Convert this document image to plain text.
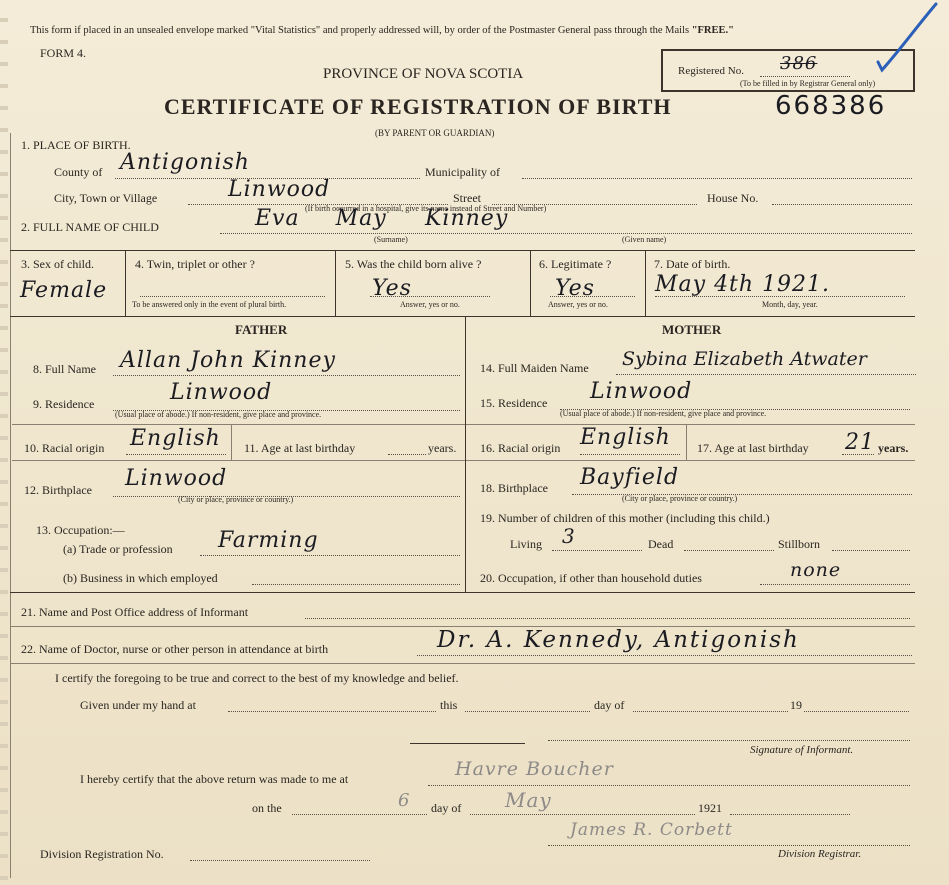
This form if placed in an unsealed envelope marked "Vital Statistics" and properly addressed will, by order of the Postmaster General pass through the Mails "FREE."
FORM 4.
PROVINCE OF NOVA SCOTIA
CERTIFICATE OF REGISTRATION OF BIRTH
(BY PARENT OR GUARDIAN)
Registered No. 386
(To be filled in by Registrar General only)
668386
1. PLACE OF BIRTH.
County of Antigonish	Municipality of
City, Town or Village	Linwood	Street	House No.
(If birth occurred in a hospital, give its name instead of Street and Number)
2. FULL NAME OF CHILD	Eva May Kinney
(Surname)	(Given name)
3. Sex of child.
Female
4. Twin, triplet or other ?
To be answered only in the event of plural birth.
5. Was the child born alive ?
Yes
Answer, yes or no.
6. Legitimate ?
Yes
Answer, yes or no.
7. Date of birth.
May 4th 1921.
Month, day, year.
FATHER
8. Full Name Allan John Kinney
9. Residence	Linwood
(Usual place of abode.) If non-resident, give place and province.
10. Racial origin English 11. Age at last birthday	years.
12. Birthplace Linwood
(City or place, province or country.)
13. Occupation:—
(a) Trade or profession Farming
(b) Business in which employed
MOTHER
14. Full Maiden Name Sybina Elizabeth Atwater
15. Residence Linwood
(Usual place of abode.) If non-resident, give place and province.
16. Racial origin English 17. Age at last birthday 21 years.
18. Birthplace Bayfield
(City or place, province or country.)
19. Number of children of this mother (including this child.)
Living 3	Dead	Stillborn
20. Occupation, if other than household duties	none
21. Name and Post Office address of Informant
22. Name of Doctor, nurse or other person in attendance at birth	Dr. A. Kennedy, Antigonish
I certify the foregoing to be true and correct to the best of my knowledge and belief.
Given under my hand at	this	day of	19
Signature of Informant.
I hereby certify that the above return was made to me at	Havre Boucher
on the	6 day of May	1921
James R. Corbett
Division Registration No.	Division Registrar.
